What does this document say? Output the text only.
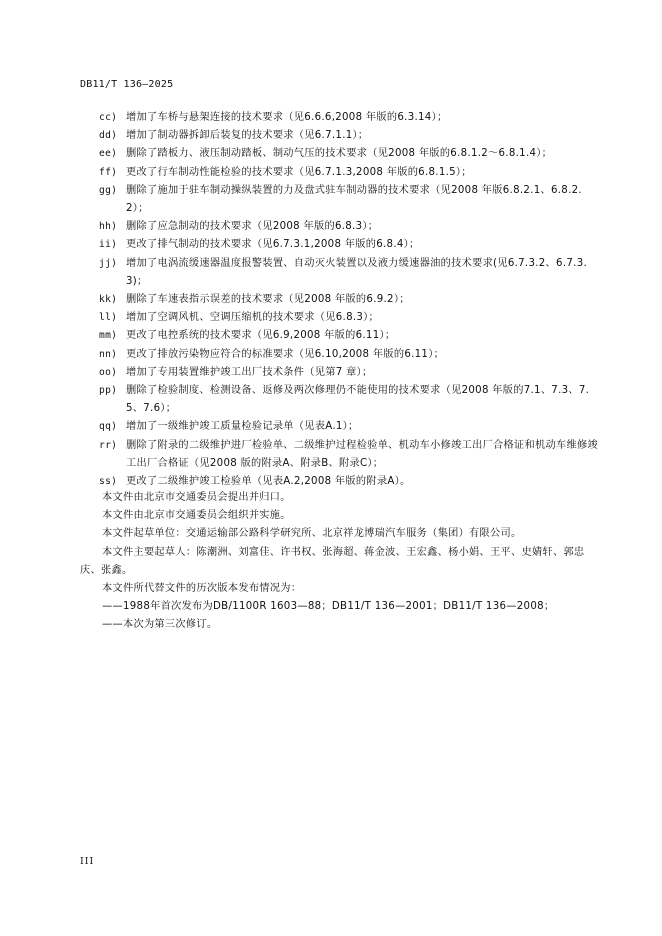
DB11/T 136—2025
cc) 增加了车桥与悬架连接的技术要求（见6.6.6,2008 年版的6.3.14）；
dd) 增加了制动器拆卸后装复的技术要求（见6.7.1.1）；
ee) 删除了踏板力、液压制动踏板、制动气压的技术要求（见2008 年版的6.8.1.2～6.8.1.4）；
ff) 更改了行车制动性能检验的技术要求（见6.7.1.3,2008 年版的6.8.1.5）；
gg) 删除了施加于驻车制动操纵装置的力及盘式驻车制动器的技术要求（见2008 年版6.8.2.1、6.8.2.2）；
hh) 删除了应急制动的技术要求（见2008 年版的6.8.3）；
ii) 更改了排气制动的技术要求（见6.7.3.1,2008 年版的6.8.4）；
jj) 增加了电涡流缓速器温度报警装置、自动灭火装置以及液力缓速器油的技术要求(见6.7.3.2、6.7.3.3)；
kk) 删除了车速表指示误差的技术要求（见2008 年版的6.9.2）；
ll) 增加了空调风机、空调压缩机的技术要求（见6.8.3）；
mm) 更改了电控系统的技术要求（见6.9,2008 年版的6.11）；
nn) 更改了排放污染物应符合的标准要求（见6.10,2008 年版的6.11）；
oo) 增加了专用装置维护竣工出厂技术条件（见第7 章）；
pp) 删除了检验制度、检测设备、返修及两次修理仍不能使用的技术要求（见2008 年版的7.1、7.3、7.5、7.6）；
qq) 增加了一级维护竣工质量检验记录单（见表A.1）；
rr) 删除了附录的二级维护进厂检验单、二级维护过程检验单、机动车小修竣工出厂合格证和机动车维修竣工出厂合格证（见2008 版的附录A、附录B、附录C）；
ss) 更改了二级维护竣工检验单（见表A.2,2008 年版的附录A）。

本文件由北京市交通委员会提出并归口。

本文件由北京市交通委员会组织并实施。

本文件起草单位：交通运输部公路科学研究所、北京祥龙博瑞汽车服务（集团）有限公司。

本文件主要起草人：陈潮洲、刘富佳、许书权、张海超、蒋金波、王宏鑫、杨小娟、王平、史婧轩、郭忠庆、张鑫。

本文件所代替文件的历次版本发布情况为：

——1988年首次发布为DB/1100R 1603—88；DB11/T 136—2001；DB11/T 136—2008；

——本次为第三次修订。

III
